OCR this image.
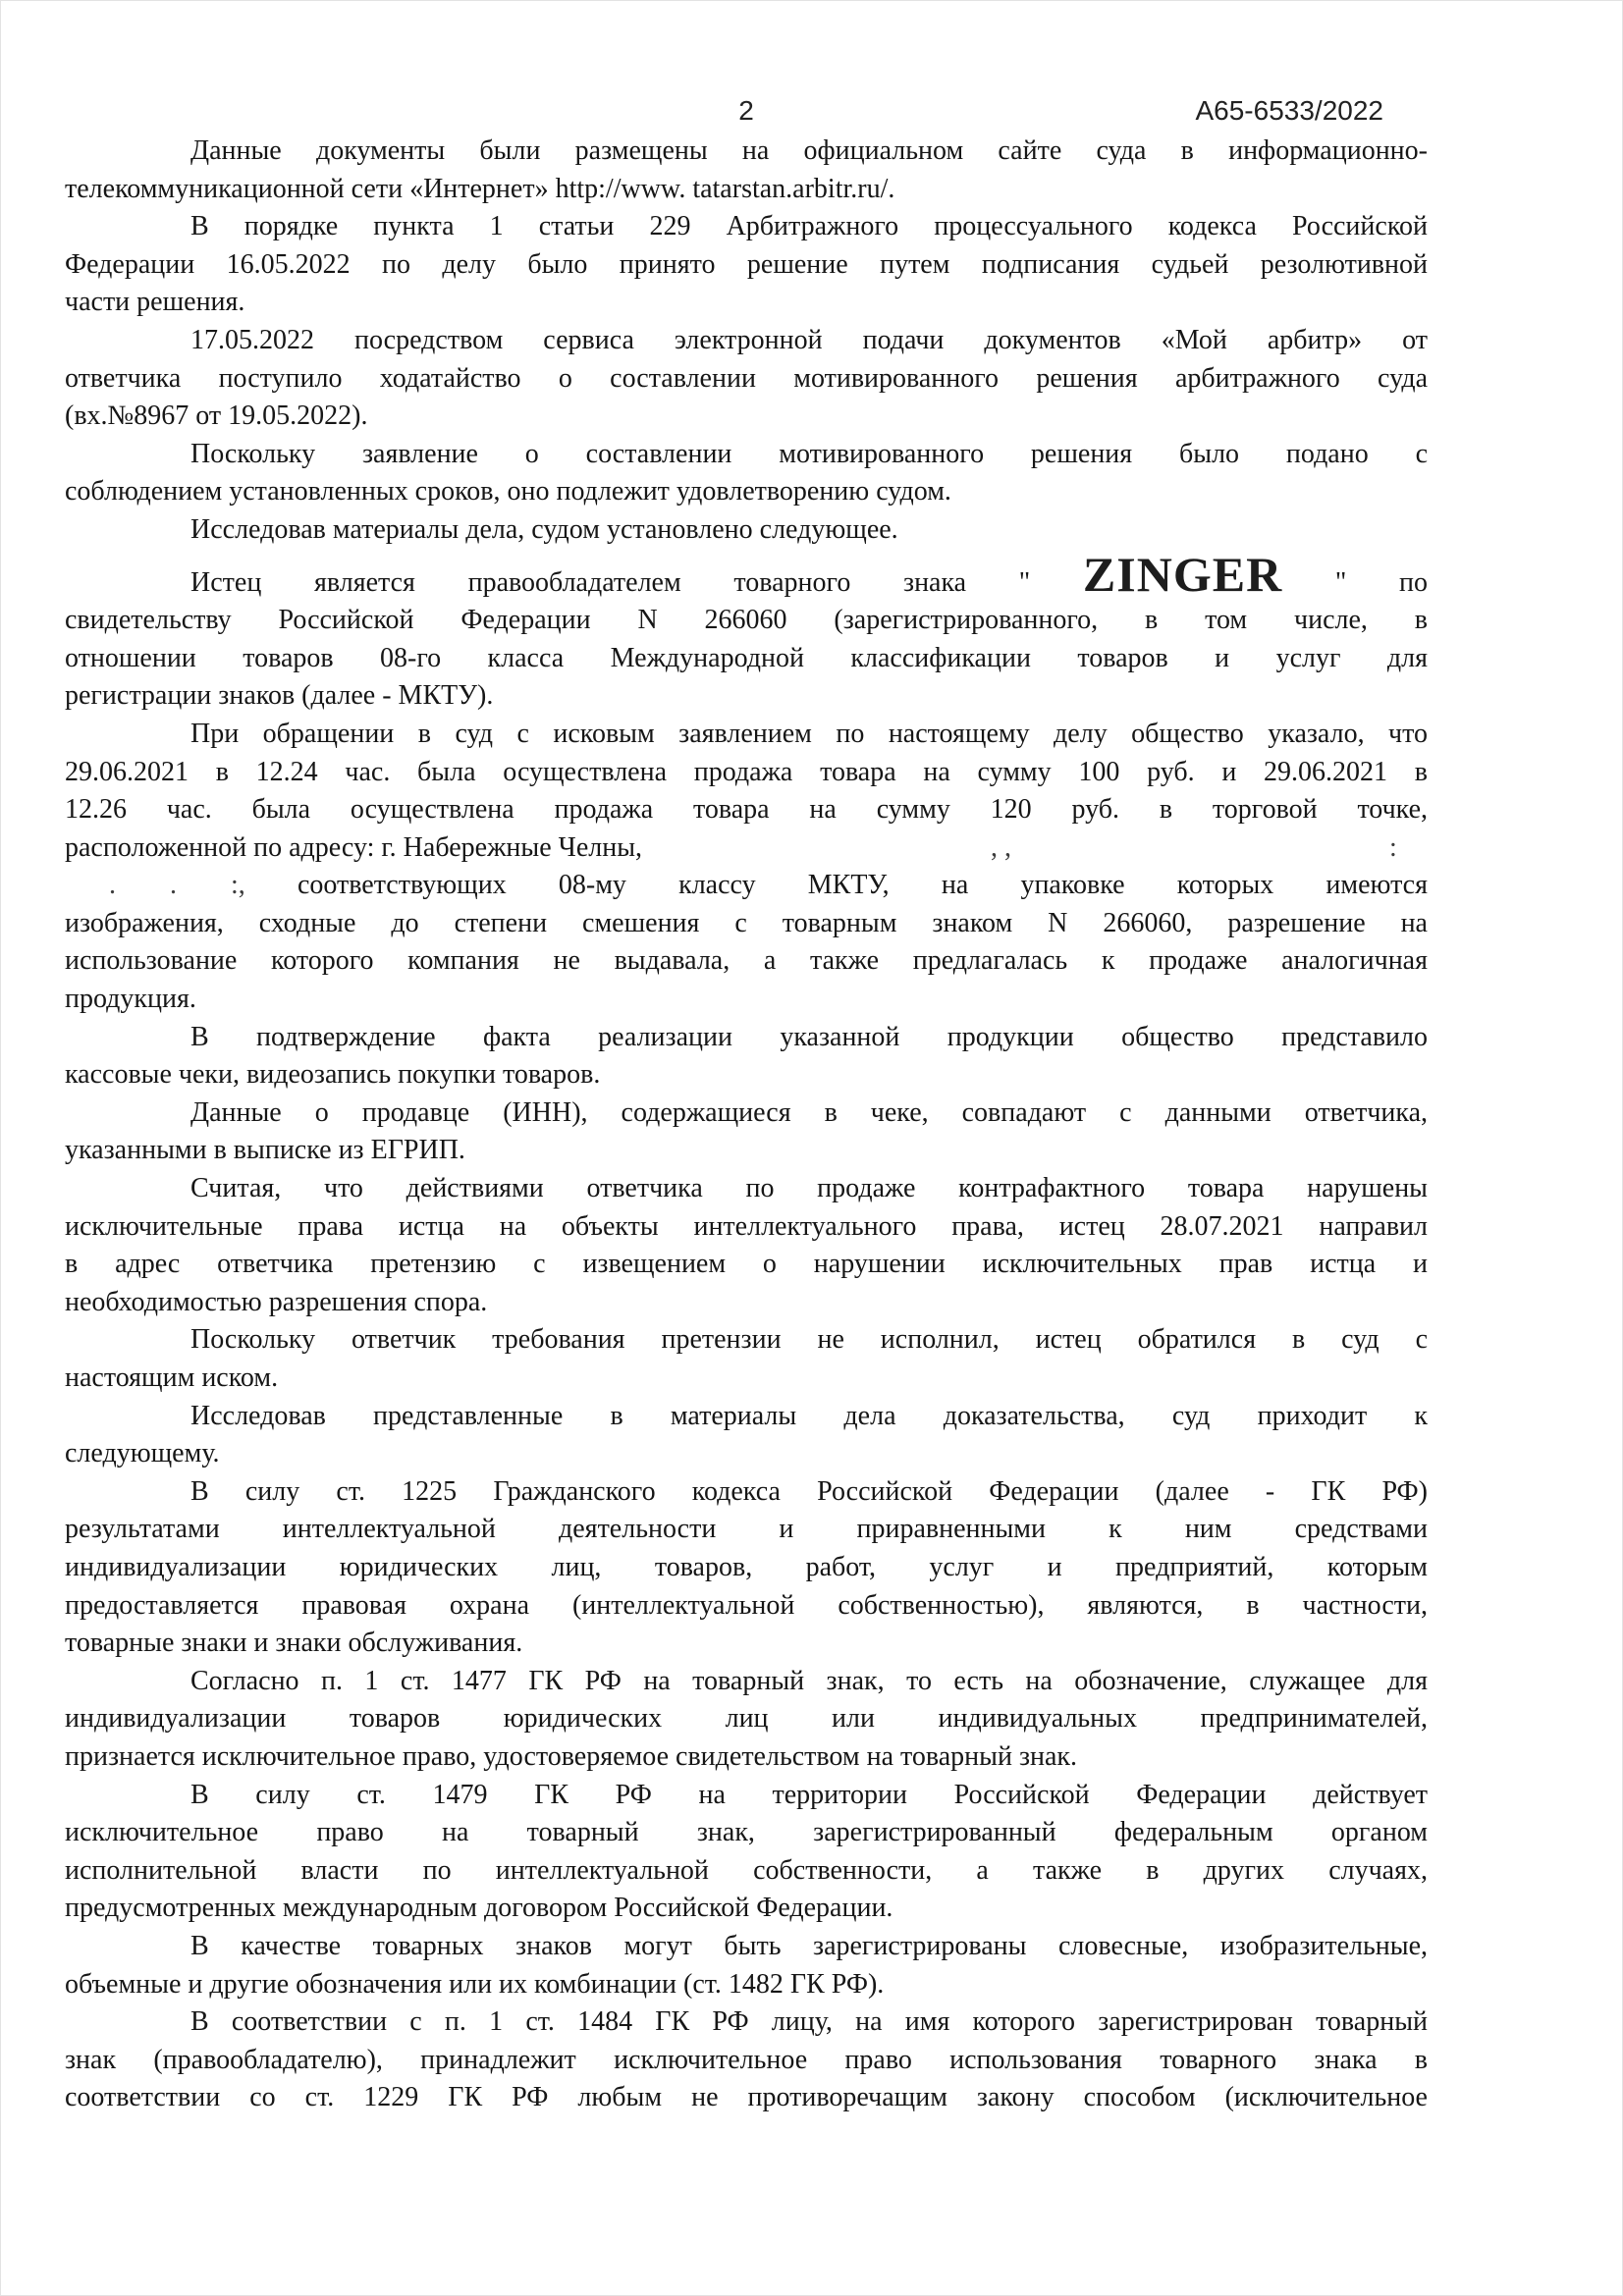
2	А65-6533/2022
Данные документы были размещены на официальном сайте суда в информационно-
телекоммуникационной сети «Интернет» http://www. tatarstan.arbitr.ru/.
В порядке пункта 1 статьи 229 Арбитражного процессуального кодекса Российской
Федерации 16.05.2022 по делу было принято решение путем подписания судьей резолютивной
части решения.
17.05.2022 посредством сервиса электронной подачи документов «Мой арбитр» от
ответчика поступило ходатайство о составлении мотивированного решения арбитражного суда
(вх.№8967 от 19.05.2022).
Поскольку заявление о составлении мотивированного решения было подано с
соблюдением установленных сроков, оно подлежит удовлетворению судом.
Исследовав материалы дела, судом установлено следующее.
Истец является правообладателем товарного знака " ZINGER " по
свидетельству Российской Федерации N 266060 (зарегистрированного, в том числе, в
отношении товаров 08-го класса Международной классификации товаров и услуг для
регистрации знаков (далее - МКТУ).
При обращении в суд с исковым заявлением по настоящему делу общество указало, что
29.06.2021 в 12.24 час. была осуществлена продажа товара на сумму 100 руб. и 29.06.2021 в
12.26 час. была осуществлена продажа товара на сумму 120 руб. в торговой точке,
расположенной по адресу: г. Набережные Челны,	, ,	:
. . :, соответствующих 08-му классу МКТУ, на упаковке которых имеются
изображения, сходные до степени смешения с товарным знаком N 266060, разрешение на
использование которого компания не выдавала, а также предлагалась к продаже аналогичная
продукция.
В подтверждение факта реализации указанной продукции общество представило
кассовые чеки, видеозапись покупки товаров.
Данные о продавце (ИНН), содержащиеся в чеке, совпадают с данными ответчика,
указанными в выписке из ЕГРИП.
Считая, что действиями ответчика по продаже контрафактного товара нарушены
исключительные права истца на объекты интеллектуального права, истец 28.07.2021 направил
в адрес ответчика претензию с извещением о нарушении исключительных прав истца и
необходимостью разрешения спора.
Поскольку ответчик требования претензии не исполнил, истец обратился в суд с
настоящим иском.
Исследовав представленные в материалы дела доказательства, суд приходит к
следующему.
В силу ст. 1225 Гражданского кодекса Российской Федерации (далее - ГК РФ)
результатами интеллектуальной деятельности и приравненными к ним средствами
индивидуализации юридических лиц, товаров, работ, услуг и предприятий, которым
предоставляется правовая охрана (интеллектуальной собственностью), являются, в частности,
товарные знаки и знаки обслуживания.
Согласно п. 1 ст. 1477 ГК РФ на товарный знак, то есть на обозначение, служащее для
индивидуализации товаров юридических лиц или индивидуальных предпринимателей,
признается исключительное право, удостоверяемое свидетельством на товарный знак.
В силу ст. 1479 ГК РФ на территории Российской Федерации действует
исключительное право на товарный знак, зарегистрированный федеральным органом
исполнительной власти по интеллектуальной собственности, а также в других случаях,
предусмотренных международным договором Российской Федерации.
В качестве товарных знаков могут быть зарегистрированы словесные, изобразительные,
объемные и другие обозначения или их комбинации (ст. 1482 ГК РФ).
В соответствии с п. 1 ст. 1484 ГК РФ лицу, на имя которого зарегистрирован товарный
знак (правообладателю), принадлежит исключительное право использования товарного знака в
соответствии со ст. 1229 ГК РФ любым не противоречащим закону способом (исключительное
